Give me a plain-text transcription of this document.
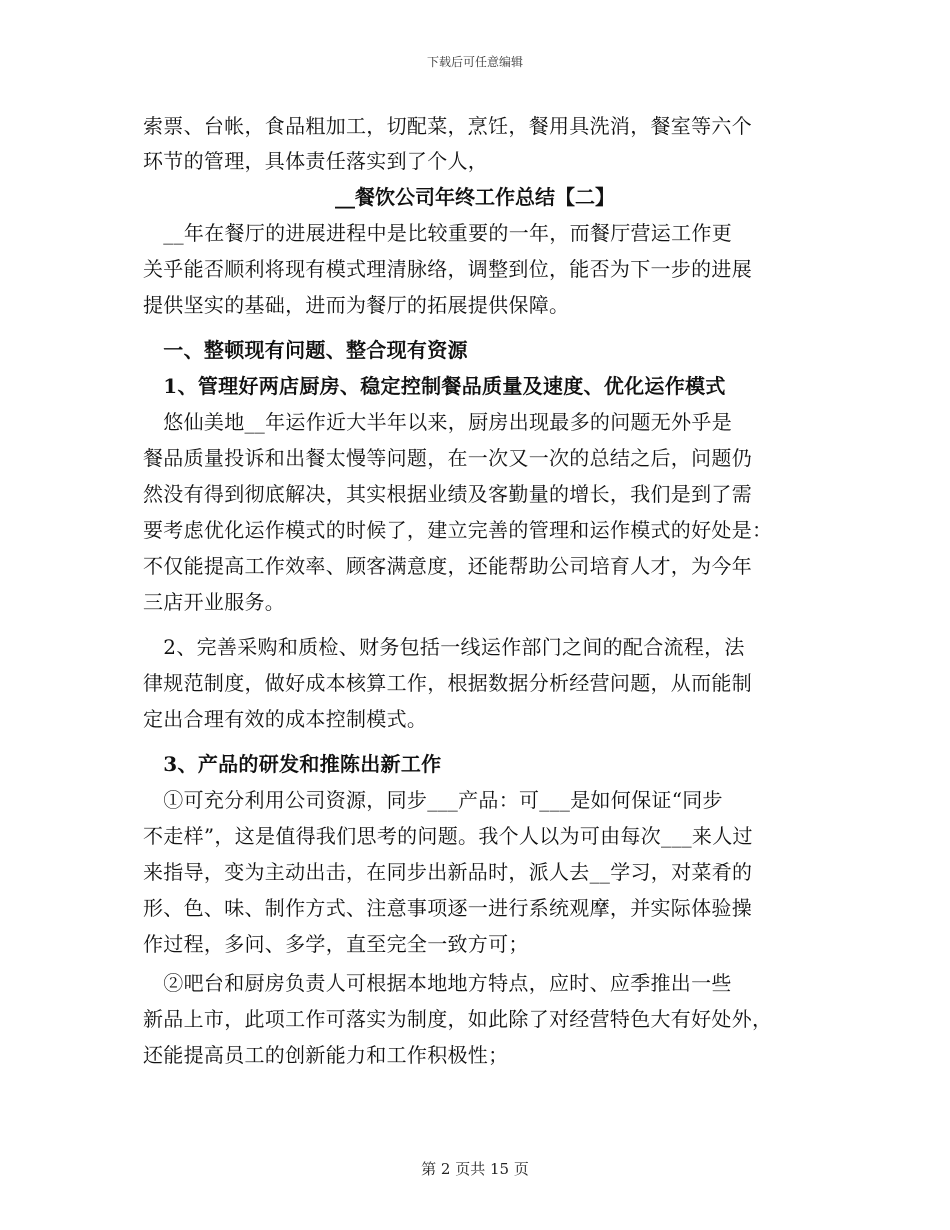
下载后可任意编辑
索票、台帐，食品粗加工，切配菜，烹饪，餐用具洗消，餐室等六个
环节的管理，具体责任落实到了个人，
__餐饮公司年终工作总结【二】
　__年在餐厅的进展进程中是比较重要的一年，而餐厅营运工作更
关乎能否顺利将现有模式理清脉络，调整到位，能否为下一步的进展
提供坚实的基础，进而为餐厅的拓展提供保障。
　一、整顿现有问题、整合现有资源
　1、管理好两店厨房、稳定控制餐品质量及速度、优化运作模式
　悠仙美地__年运作近大半年以来，厨房出现最多的问题无外乎是
餐品质量投诉和出餐太慢等问题，在一次又一次的总结之后，问题仍
然没有得到彻底解决，其实根据业绩及客勤量的增长，我们是到了需
要考虑优化运作模式的时候了，建立完善的管理和运作模式的好处是：
不仅能提高工作效率、顾客满意度，还能帮助公司培育人才，为今年
三店开业服务。
　2、完善采购和质检、财务包括一线运作部门之间的配合流程，法
律规范制度，做好成本核算工作，根据数据分析经营问题，从而能制
定出合理有效的成本控制模式。
　3、产品的研发和推陈出新工作
　①可充分利用公司资源，同步___产品：可___是如何保证“同步
不走样”，这是值得我们思考的问题。我个人以为可由每次___来人过
来指导，变为主动出击，在同步出新品时，派人去__学习，对菜肴的
形、色、味、制作方式、注意事项逐一进行系统观摩，并实际体验操
作过程，多问、多学，直至完全一致方可；
　②吧台和厨房负责人可根据本地地方特点，应时、应季推出一些
新品上市，此项工作可落实为制度，如此除了对经营特色大有好处外，
还能提高员工的创新能力和工作积极性；
第 2 页共 15 页
